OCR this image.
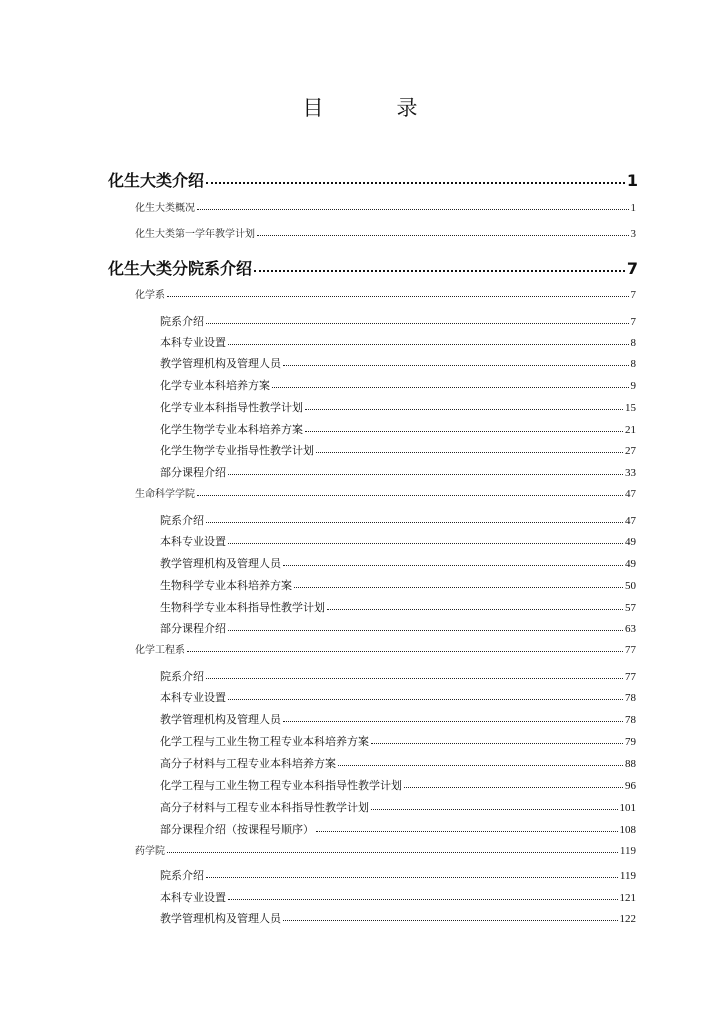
目　录
化生大类介绍	1
化生大类概况	1
化生大类第一学年教学计划	3
化生大类分院系介绍	7
化学系	7
院系介绍	7
本科专业设置	8
教学管理机构及管理人员	8
化学专业本科培养方案	9
化学专业本科指导性教学计划	15
化学生物学专业本科培养方案	21
化学生物学专业指导性教学计划	27
部分课程介绍	33
生命科学学院	47
院系介绍	47
本科专业设置	49
教学管理机构及管理人员	49
生物科学专业本科培养方案	50
生物科学专业本科指导性教学计划	57
部分课程介绍	63
化学工程系	77
院系介绍	77
本科专业设置	78
教学管理机构及管理人员	78
化学工程与工业生物工程专业本科培养方案	79
高分子材料与工程专业本科培养方案	88
化学工程与工业生物工程专业本科指导性教学计划	96
高分子材料与工程专业本科指导性教学计划	101
部分课程介绍（按课程号顺序）	108
药学院	119
院系介绍	119
本科专业设置	121
教学管理机构及管理人员	122
